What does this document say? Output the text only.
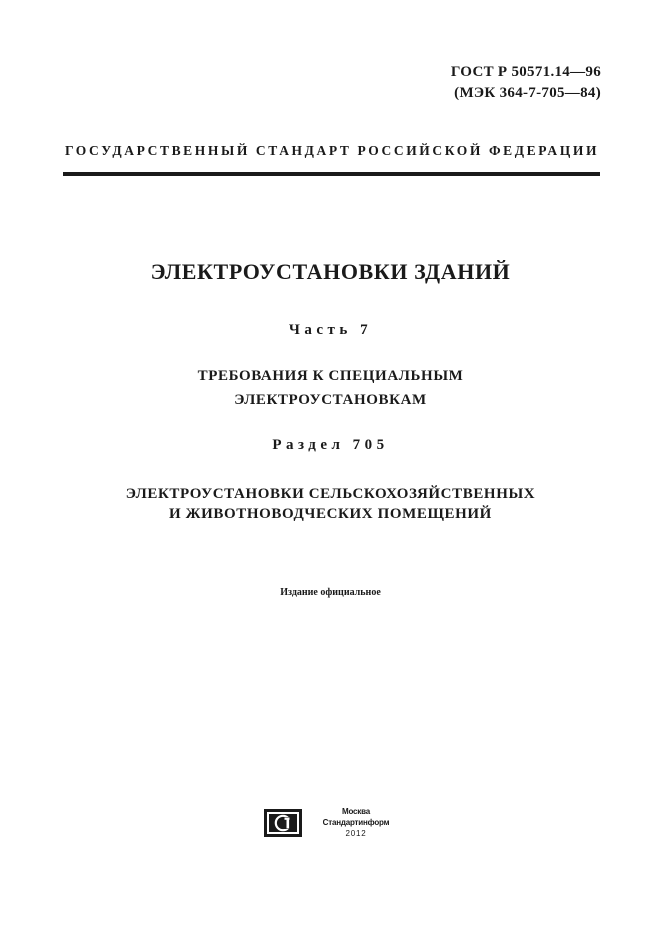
ГОСТ Р 50571.14—96
(МЭК 364-7-705—84)
ГОСУДАРСТВЕННЫЙ СТАНДАРТ РОССИЙСКОЙ ФЕДЕРАЦИИ
ЭЛЕКТРОУСТАНОВКИ ЗДАНИЙ
Часть 7
ТРЕБОВАНИЯ К СПЕЦИАЛЬНЫМ
ЭЛЕКТРОУСТАНОВКАМ
Раздел 705
ЭЛЕКТРОУСТАНОВКИ СЕЛЬСКОХОЗЯЙСТВЕННЫХ
И ЖИВОТНОВОДЧЕСКИХ ПОМЕЩЕНИЙ
Издание официальное
Москва
Стандартинформ
2012
